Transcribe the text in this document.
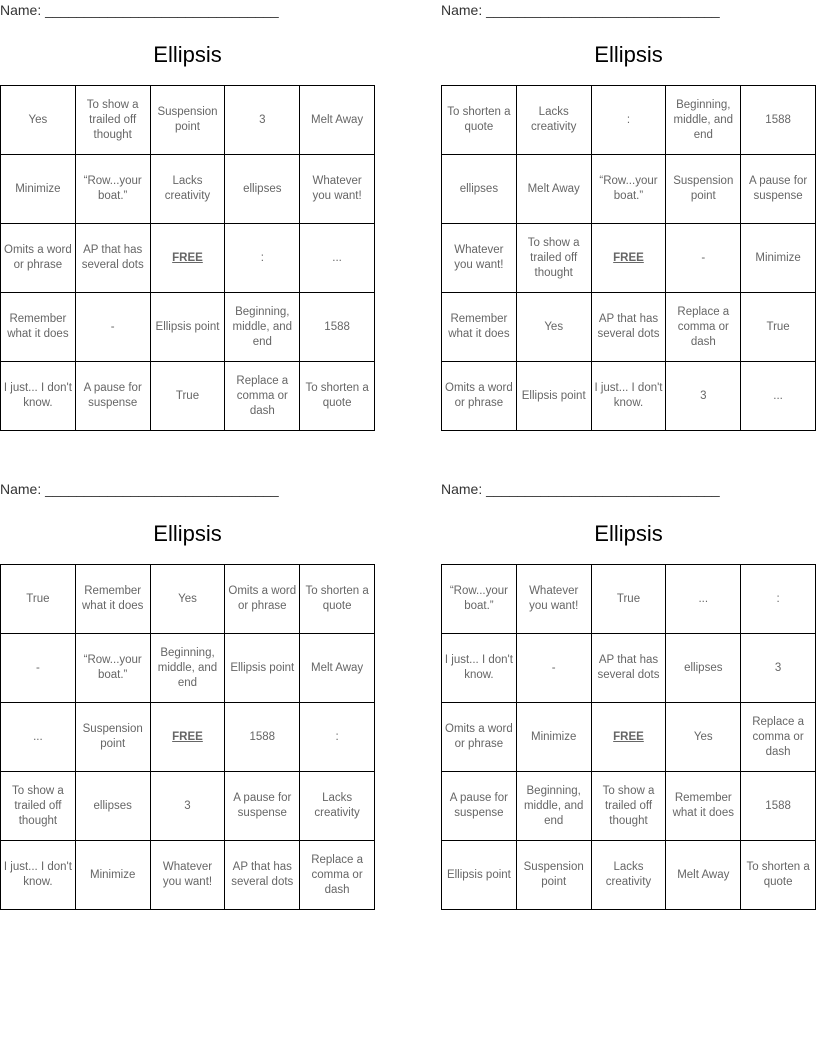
Name: ______________________________
Ellipsis
Yes	To show a trailed off thought	Suspension point	3	Melt Away
Minimize	“Row...your boat.”	Lacks creativity	ellipses	Whatever you want!
Omits a word or phrase	AP that has several dots	FREE	:	...
Remember what it does	-	Ellipsis point	Beginning, middle, and end	1588
I just... I don't know.	A pause for suspense	True	Replace a comma or dash	To shorten a quote
Name: ______________________________
Ellipsis
To shorten a quote	Lacks creativity	:	Beginning, middle, and end	1588
ellipses	Melt Away	“Row...your boat.”	Suspension point	A pause for suspense
Whatever you want!	To show a trailed off thought	FREE	-	Minimize
Remember what it does	Yes	AP that has several dots	Replace a comma or dash	True
Omits a word or phrase	Ellipsis point	I just... I don't know.	3	...
Name: ______________________________
Ellipsis
True	Remember what it does	Yes	Omits a word or phrase	To shorten a quote
-	“Row...your boat.”	Beginning, middle, and end	Ellipsis point	Melt Away
...	Suspension point	FREE	1588	:
To show a trailed off thought	ellipses	3	A pause for suspense	Lacks creativity
I just... I don't know.	Minimize	Whatever you want!	AP that has several dots	Replace a comma or dash
Name: ______________________________
Ellipsis
“Row...your boat.”	Whatever you want!	True	...	:
I just... I don't know.	-	AP that has several dots	ellipses	3
Omits a word or phrase	Minimize	FREE	Yes	Replace a comma or dash
A pause for suspense	Beginning, middle, and end	To show a trailed off thought	Remember what it does	1588
Ellipsis point	Suspension point	Lacks creativity	Melt Away	To shorten a quote
